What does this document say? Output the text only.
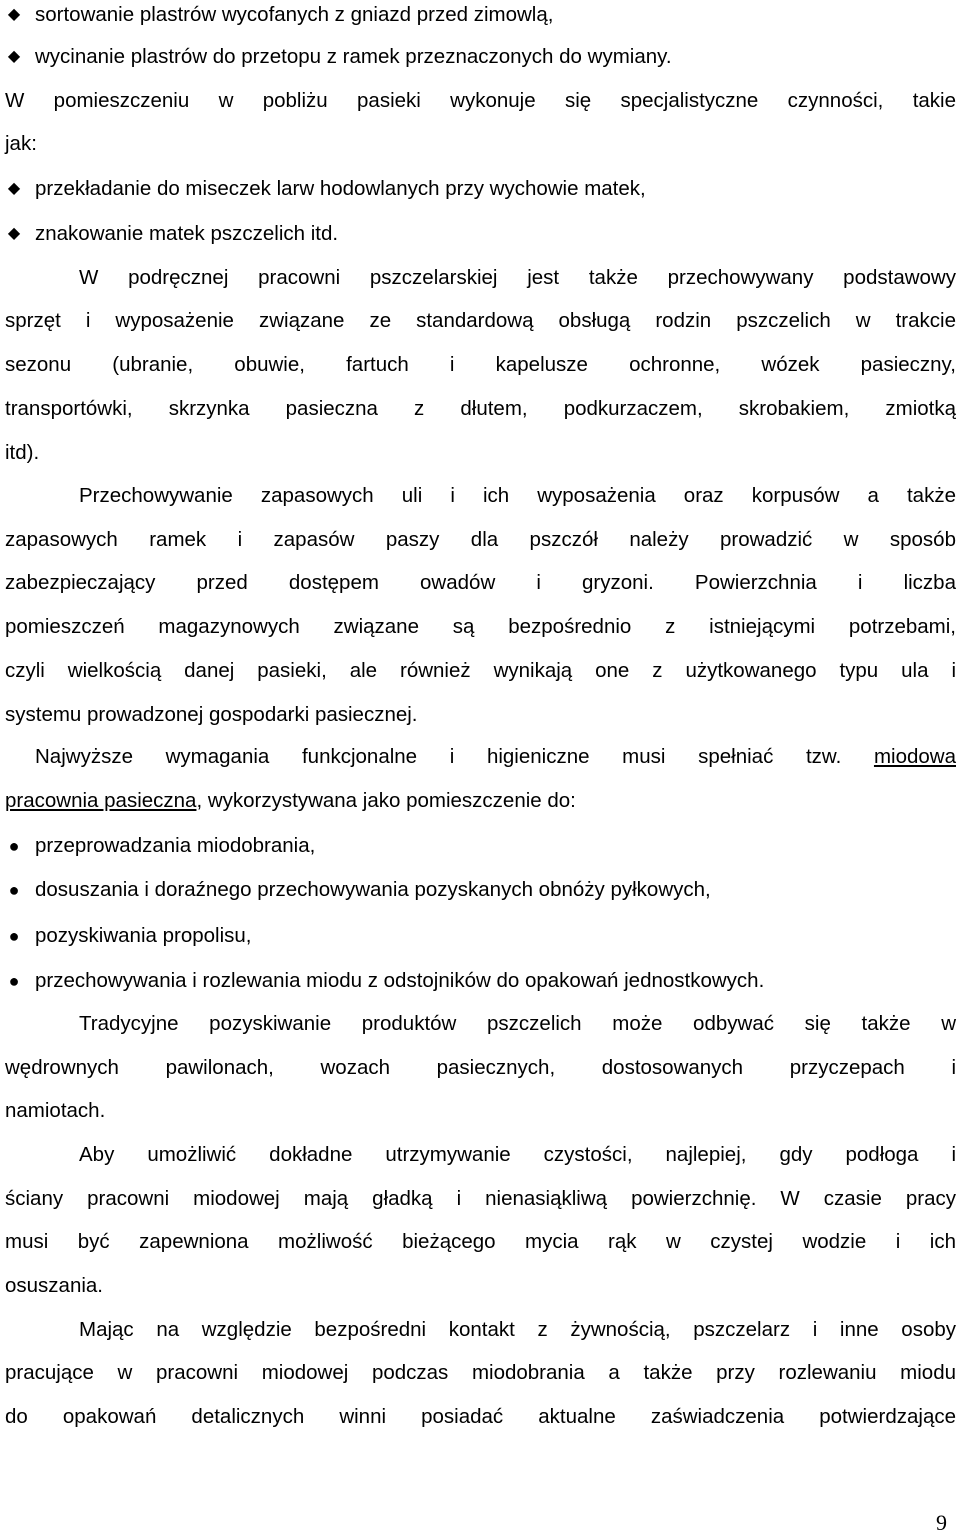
◆ sortowanie plastrów wycofanych z gniazd przed zimowlą,
◆ wycinanie plastrów do przetopu z ramek przeznaczonych do wymiany.
W pomieszczeniu w pobliżu pasieki wykonuje się specjalistyczne czynności, takie
jak:
◆ przekładanie do miseczek larw hodowlanych przy wychowie matek,
◆ znakowanie matek pszczelich itd.
W podręcznej pracowni pszczelarskiej jest także przechowywany podstawowy
sprzęt i wyposażenie związane ze standardową obsługą rodzin pszczelich w trakcie
sezonu (ubranie, obuwie, fartuch i kapelusze ochronne, wózek pasieczny,
transportówki, skrzynka pasieczna z dłutem, podkurzaczem, skrobakiem, zmiotką
itd).
Przechowywanie zapasowych uli i ich wyposażenia oraz korpusów a także
zapasowych ramek i zapasów paszy dla pszczół należy prowadzić w sposób
zabezpieczający przed dostępem owadów i gryzoni. Powierzchnia i liczba
pomieszczeń magazynowych związane są bezpośrednio z istniejącymi potrzebami,
czyli wielkością danej pasieki, ale również wynikają one z użytkowanego typu ula i
systemu prowadzonej gospodarki pasiecznej.
Najwyższe wymagania funkcjonalne i higieniczne musi spełniać tzw. miodowa
pracownia pasieczna, wykorzystywana jako pomieszczenie do:
● przeprowadzania miodobrania,
● dosuszania i doraźnego przechowywania pozyskanych obnóży pyłkowych,
● pozyskiwania propolisu,
● przechowywania i rozlewania miodu z odstojników do opakowań jednostkowych.
Tradycyjne pozyskiwanie produktów pszczelich może odbywać się także w
wędrownych pawilonach, wozach pasiecznych, dostosowanych przyczepach i
namiotach.
Aby umożliwić dokładne utrzymywanie czystości, najlepiej, gdy podłoga i
ściany pracowni miodowej mają gładką i nienasiąkliwą powierzchnię. W czasie pracy
musi być zapewniona możliwość bieżącego mycia rąk w czystej wodzie i ich
osuszania.
Mając na względzie bezpośredni kontakt z żywnością, pszczelarz i inne osoby
pracujące w pracowni miodowej podczas miodobrania a także przy rozlewaniu miodu
do opakowań detalicznych winni posiadać aktualne zaświadczenia potwierdzające
9
